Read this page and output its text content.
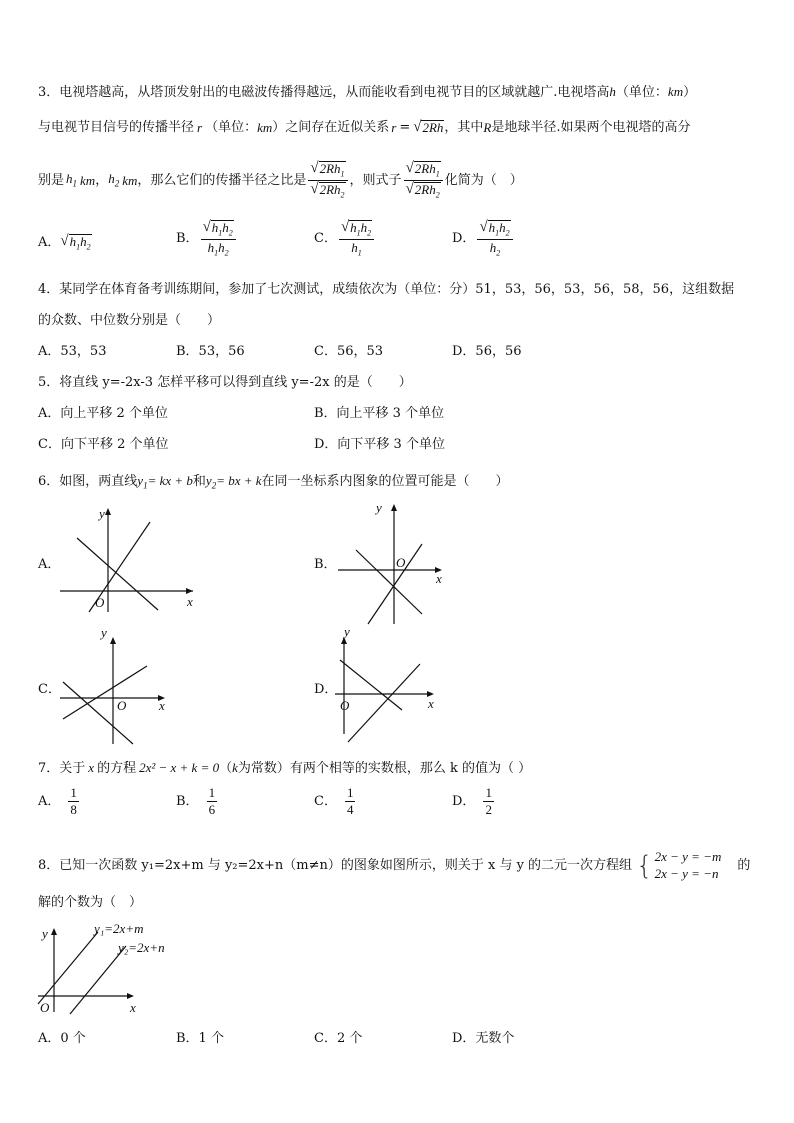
3．电视塔越高，从塔顶发射出的电磁波传播得越远，从而能收看到电视节目的区域就越广.电视塔高h（单位：km）
与电视节目信号的传播半径 r （单位： km ）之间存在近似关系 r = √ 2Rh ，其中 R 是地球半径.如果两个电视塔的高分
别是 $h_1$ km ， $h_2$ km ，那么它们的传播半径之比是 $\frac{√ 2Rh_1}{√ 2Rh_2}$ ，则式子 $\frac{√ 2Rh_1}{√ 2Rh_2}$ 化简为（　）
A． √ $h_1h_2$
B． $\frac{√ h_1h_2}{h_1h_2}$	C． $\frac{√ h_1h_2}{h_1}$	D． $\frac{√ h_1h_2}{h_2}$
4．某同学在体育备考训练期间，参加了七次测试，成绩依次为（单位：分）51，53，56，53，56，58，56，这组数据
的众数、中位数分别是（　　）
A．53，53	B．53，56	C．56，53	D．56，56
5．将直线 y=-2x-3 怎样平移可以得到直线 y=-2x 的是（　　）
A．向上平移 2 个单位	B．向上平移 3 个单位
C．向下平移 2 个单位	D．向下平移 3 个单位
6．如图，两直线 $y_1$ = kx + b 和 $y_2$ = bx + k 在同一坐标系内图象的位置可能是（　　）
A．	B．
C．	D．
x
y
O
x
y
O
x
y
O	x
y
O
7．关于 x 的方程 2x² − x + k = 0 （ k 为常数）有两个相等的实数根，那么 k 的值为（ ）
A． $\frac{1}{8}$	B． $\frac{1}{6}$	C． $\frac{1}{4}$	D． $\frac{1}{2}$
8．已知一次函数 y₁=2x+m 与 y₂=2x+n（m≠n）的图象如图所示，则关于 x 与 y 的二元一次方程组 { 2x − y = −m
2x − y = −n 的
解的个数为（　）
x
y
O
y₁=2x+m
y₂=2x+n
A．0 个	B．1 个	C．2 个	D．无数个
